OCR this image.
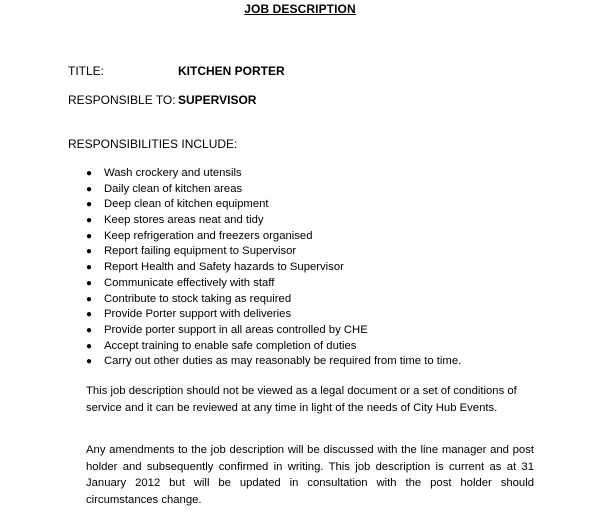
JOB DESCRIPTION
TITLE:	KITCHEN PORTER
RESPONSIBLE TO: SUPERVISOR
RESPONSIBILITIES INCLUDE:
● Wash crockery and utensils
● Daily clean of kitchen areas
● Deep clean of kitchen equipment
● Keep stores areas neat and tidy
● Keep refrigeration and freezers organised
● Report failing equipment to Supervisor
● Report Health and Safety hazards to Supervisor
● Communicate effectively with staff
● Contribute to stock taking as required
● Provide Porter support with deliveries
● Provide porter support in all areas controlled by CHE
● Accept training to enable safe completion of duties
● Carry out other duties as may reasonably be required from time to time.

This job description should not be viewed as a legal document or a set of conditions of service and it can be reviewed at any time in light of the needs of City Hub Events.

Any amendments to the job description will be discussed with the line manager and post holder and subsequently confirmed in writing. This job description is current as at 31 January 2012 but will be updated in consultation with the post holder should circumstances change.
